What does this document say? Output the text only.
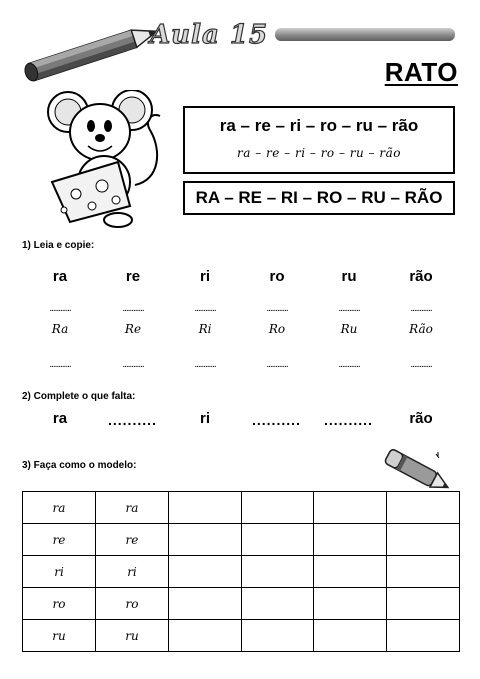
Aula 15
RATO
ra – re – ri – ro – ru – rão
ra – re – ri – ro – ru – rão
RA – RE – RI – RO – RU – RÃO
1) Leia e copie:
ra	re	ri	ro	ru	rão
............	............	............	............	............	............
Ra	Re	Ri	Ro	Ru	Rão
............	............	............	............	............	............
2) Complete o que falta:
ra	..........	ri	.......... ..........	rão
3) Faça como o modelo:
ra	ra				
re	re				
ri	ri				
ro	ro				
ru	ru				
